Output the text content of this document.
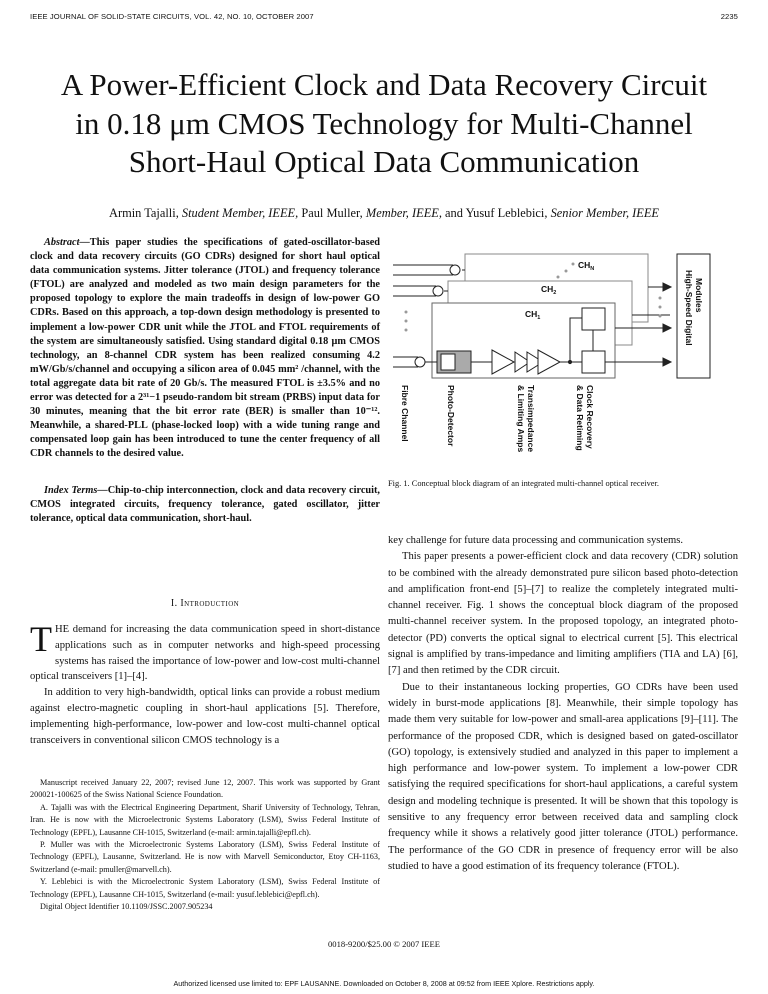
IEEE JOURNAL OF SOLID-STATE CIRCUITS, VOL. 42, NO. 10, OCTOBER 2007	2235
A Power-Efficient Clock and Data Recovery Circuit
in 0.18 μm CMOS Technology for Multi-Channel
Short-Haul Optical Data Communication
Armin Tajalli, Student Member, IEEE, Paul Muller, Member, IEEE, and Yusuf Leblebici, Senior Member, IEEE
Abstract—This paper studies the specifications of gated-oscillator-based clock and data recovery circuits (GO CDRs) designed for short haul optical data communication systems. Jitter tolerance (JTOL) and frequency tolerance (FTOL) are analyzed and modeled as two main design parameters for the proposed topology to explore the main tradeoffs in design of low-power GO CDRs. Based on this approach, a top-down design methodology is presented to implement a low-power CDR unit while the JTOL and FTOL requirements of the system are simultaneously satisfied. Using standard digital 0.18 μm CMOS technology, an 8-channel CDR system has been realized consuming 4.2 mW/Gb/s/channel and occupying a silicon area of 0.045 mm² /channel, with the total aggregate data bit rate of 20 Gb/s. The measured FTOL is ±3.5% and no error was detected for a 2³¹−1 pseudo-random bit stream (PRBS) input data for 30 minutes, meaning that the bit error rate (BER) is smaller than 10⁻¹². Meanwhile, a shared-PLL (phase-locked loop) with a wide tuning range and compensated loop gain has been introduced to tune the center frequency of all CDR channels to the desired value.
Index Terms—Chip-to-chip interconnection, clock and data recovery circuit, CMOS integrated circuits, frequency tolerance, gated oscillator, jitter tolerance, optical data communication, short-haul.
I. Introduction

THE demand for increasing the data communication speed in short-distance applications such as in computer networks and high-speed processing systems has raised the importance of low-power and low-cost multi-channel optical transceivers [1]–[4].

In addition to very high-bandwidth, optical links can provide a robust medium against electro-magnetic coupling in short-haul applications [5]. Therefore, implementing high-performance, low-power and low-cost multi-channel optical transceivers in conventional silicon CMOS technology is a

Manuscript received January 22, 2007; revised June 12, 2007. This work was supported by Grant 200021-100625 of the Swiss National Science Foundation.

A. Tajalli was with the Electrical Engineering Department, Sharif University of Technology, Tehran, Iran. He is now with the Microelectronic Systems Laboratory (LSM), Swiss Federal Institute of Technology (EPFL), Lausanne CH-1015, Switzerland (e-mail: armin.tajalli@epfl.ch).

P. Muller was with the Microelectronic Systems Laboratory (LSM), Swiss Federal Institute of Technology (EPFL), Lausanne, Switzerland. He is now with Marvell Semiconductor, Etoy CH-1163, Switzerland (e-mail: pmuller@marvell.ch).

Y. Leblebici is with the Microelectronic System Laboratory (LSM), Swiss Federal Institute of Technology (EPFL), Lausanne CH-1015, Switzerland (e-mail: yusuf.leblebici@epfl.ch).

Digital Object Identifier 10.1109/JSSC.2007.905234

$CH_N$
$CH_2$
$CH_1$	High-Speed Digital Modules
Fibre Channel	Photo-Detector	Transimpedance
& Limiting Amps	Clock Recovery
& Data Retiming
Fig. 1. Conceptual block diagram of an integrated multi-channel optical receiver.

key challenge for future data processing and communication systems.

This paper presents a power-efficient clock and data recovery (CDR) solution to be combined with the already demonstrated pure silicon based photo-detection and amplification front-end [5]–[7] to realize the completely integrated multi-channel receiver. Fig. 1 shows the conceptual block diagram of the proposed multi-channel receiver system. In the proposed topology, an integrated photo-detector (PD) converts the optical signal to electrical current [5]. This electrical signal is amplified by trans-impedance and limiting amplifiers (TIA and LA) [6], [7] and then retimed by the CDR circuit.

Due to their instantaneous locking properties, GO CDRs have been used widely in burst-mode applications [8]. Meanwhile, their simple topology has made them very suitable for low-power and small-area applications [9]–[11]. The performance of the proposed CDR, which is designed based on gated-oscillator (GO) topology, is extensively studied and analyzed in this paper to implement a high performance and low-power system. To implement a low-power CDR satisfying the required specifications for short-haul applications, a careful system design and modeling technique is presented. It will be shown that this topology is sensitive to any frequency error between received data and sampling clock frequency while it shows a relatively good jitter tolerance (JTOL) performance. The performance of the GO CDR in presence of frequency error will be also studied to have a good estimation of its frequency tolerance (FTOL).

0018-9200/$25.00 © 2007 IEEE
Authorized licensed use limited to: EPF LAUSANNE. Downloaded on October 8, 2008 at 09:52 from IEEE Xplore. Restrictions apply.
